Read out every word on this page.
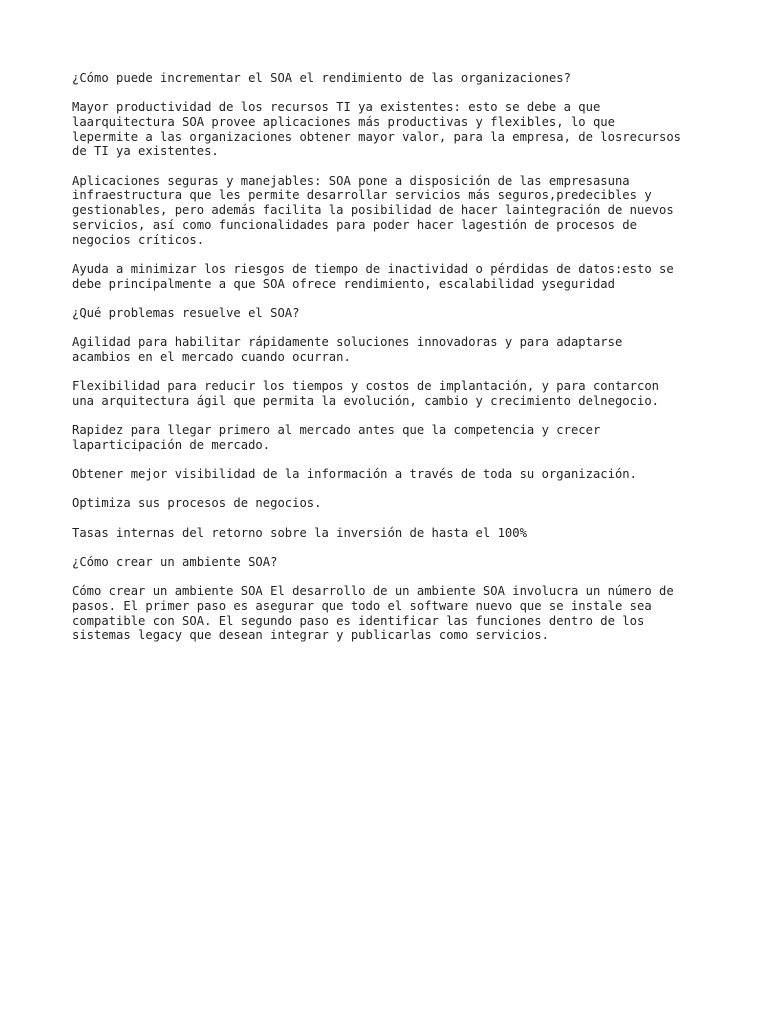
¿Cómo puede incrementar el SOA el rendimiento de las organizaciones?

Mayor productividad de los recursos TI ya existentes: esto se debe a que
laarquitectura SOA provee aplicaciones más productivas y flexibles, lo que
lepermite a las organizaciones obtener mayor valor, para la empresa, de losrecursos
de TI ya existentes.

Aplicaciones seguras y manejables: SOA pone a disposición de las empresasuna
infraestructura que les permite desarrollar servicios más seguros,predecibles y
gestionables, pero además facilita la posibilidad de hacer laintegración de nuevos
servicios, así como funcionalidades para poder hacer lagestión de procesos de
negocios críticos.

Ayuda a minimizar los riesgos de tiempo de inactividad o pérdidas de datos:esto se
debe principalmente a que SOA ofrece rendimiento, escalabilidad yseguridad

¿Qué problemas resuelve el SOA?

Agilidad para habilitar rápidamente soluciones innovadoras y para adaptarse
acambios en el mercado cuando ocurran.

Flexibilidad para reducir los tiempos y costos de implantación, y para contarcon
una arquitectura ágil que permita la evolución, cambio y crecimiento delnegocio.

Rapidez para llegar primero al mercado antes que la competencia y crecer
laparticipación de mercado.

Obtener mejor visibilidad de la información a través de toda su organización.

Optimiza sus procesos de negocios.

Tasas internas del retorno sobre la inversión de hasta el 100%

¿Cómo crear un ambiente SOA?

Cómo crear un ambiente SOA El desarrollo de un ambiente SOA involucra un número de
pasos. El primer paso es asegurar que todo el software nuevo que se instale sea
compatible con SOA. El segundo paso es identificar las funciones dentro de los
sistemas legacy que desean integrar y publicarlas como servicios.
